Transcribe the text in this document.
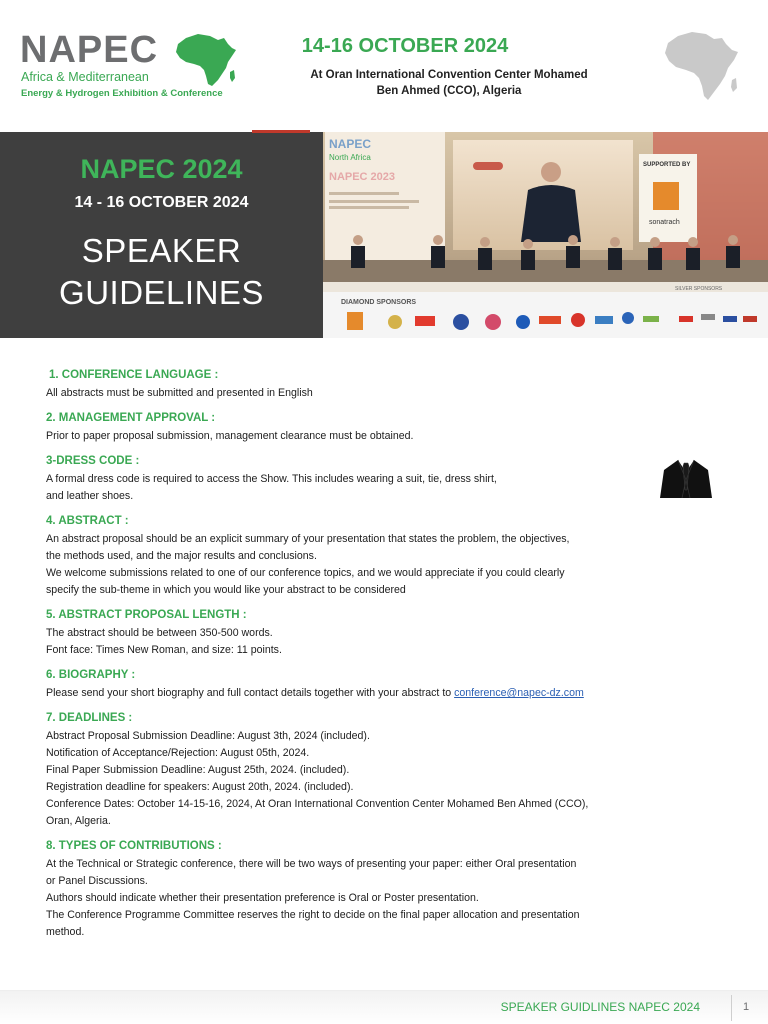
NAPEC
Africa & Mediterranean
Energy & Hydrogen Exhibition & Conference
14-16 OCTOBER 2024
At Oran International Convention Center Mohamed
Ben Ahmed (CCO), Algeria
NAPEC 2024
14 - 16 OCTOBER 2024
SPEAKER
GUIDELINES
NAPEC
North Africa
NAPEC 2023
SUPPORTED BY
sonatrach
DIAMOND SPONSORS
SILVER SPONSORS
1. CONFERENCE LANGUAGE :
All abstracts must be submitted and presented in English
2. MANAGEMENT APPROVAL :
Prior to paper proposal submission, management clearance must be obtained.
3-DRESS CODE :
A formal dress code is required to access the Show. This includes wearing a suit, tie, dress shirt,
and leather shoes.
4. ABSTRACT :
An abstract proposal should be an explicit summary of your presentation that states the problem, the objectives,
the methods used, and the major results and conclusions.
We welcome submissions related to one of our conference topics, and we would appreciate if you could clearly
specify the sub-theme in which you would like your abstract to be considered
5. ABSTRACT PROPOSAL LENGTH :
The abstract should be between 350-500 words.
Font face: Times New Roman, and size: 11 points.
6. BIOGRAPHY :
Please send your short biography and full contact details together with your abstract to conference@napec-dz.com
7. DEADLINES :
Abstract Proposal Submission Deadline: August 3th, 2024 (included).
Notification of Acceptance/Rejection: August 05th, 2024.
Final Paper Submission Deadline: August 25th, 2024. (included).
Registration deadline for speakers: August 20th, 2024. (included).
Conference Dates: October 14-15-16, 2024, At Oran International Convention Center Mohamed Ben Ahmed (CCO),
Oran, Algeria.
8. TYPES OF CONTRIBUTIONS :
At the Technical or Strategic conference, there will be two ways of presenting your paper: either Oral presentation
or Panel Discussions.
Authors should indicate whether their presentation preference is Oral or Poster presentation.
The Conference Programme Committee reserves the right to decide on the final paper allocation and presentation
method.
SPEAKER GUIDLINES NAPEC 2024	1
